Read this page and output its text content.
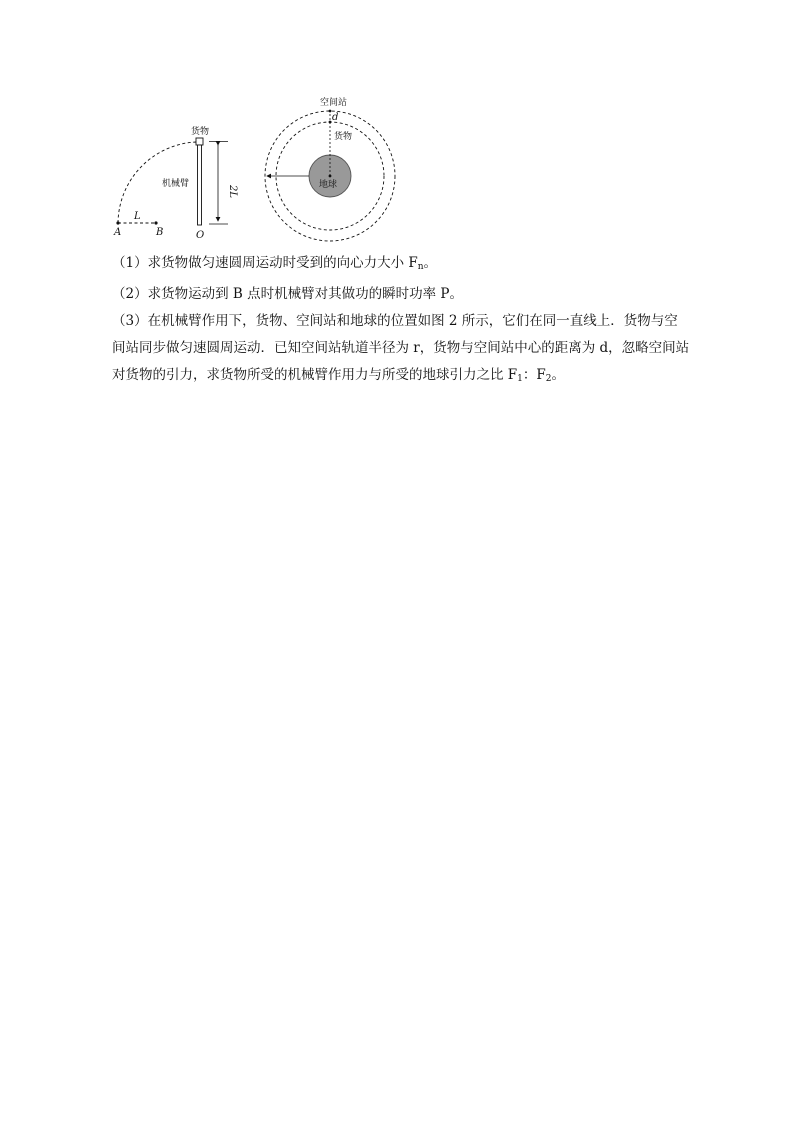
货物
机械臂
2L
L
A	B	O
空间站
d
货物
地球

（1）求货物做匀速圆周运动时受到的向心力大小 $F_n$。

（2）求货物运动到 B 点时机械臂对其做功的瞬时功率 P。

（3）在机械臂作用下，货物、空间站和地球的位置如图 2 所示，它们在同一直线上．货物与空
间站同步做匀速圆周运动．已知空间站轨道半径为 r，货物与空间站中心的距离为 d，忽略空间站
对货物的引力，求货物所受的机械臂作用力与所受的地球引力之比 $F_1$：$F_2$。
